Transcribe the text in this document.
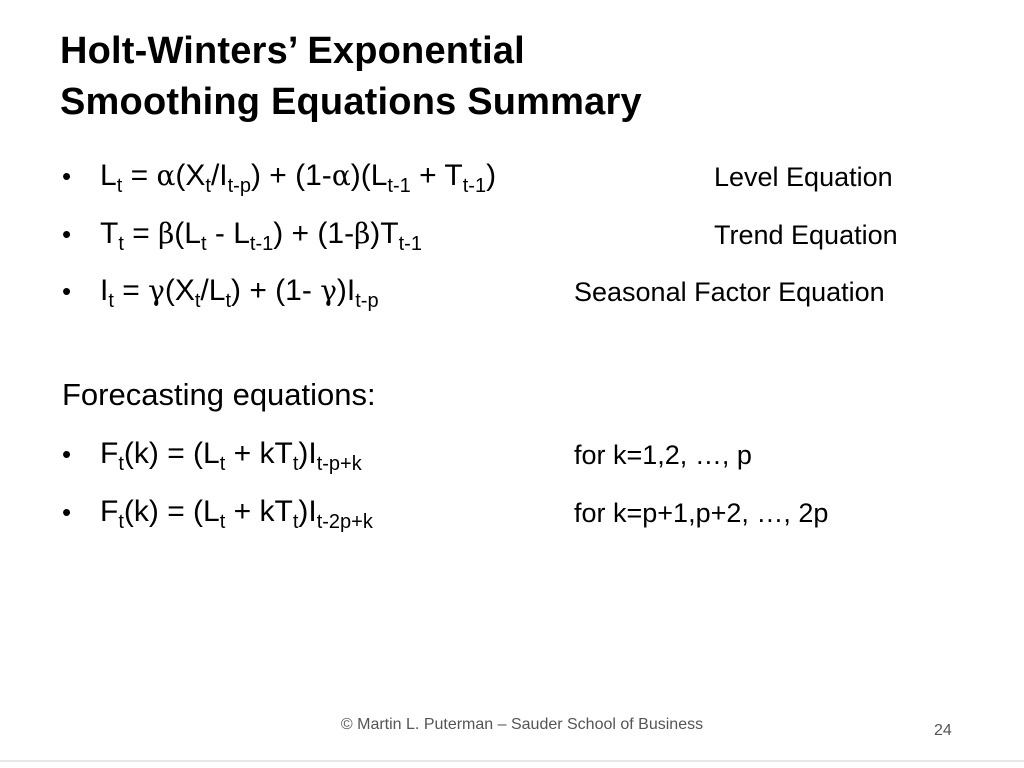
Holt-Winters’ Exponential
Smoothing Equations Summary
• $L_t = \alpha(X_t/I_{t-p}) + (1-\alpha)(L_{t-1} + T_{t-1})$	Level Equation
• $T_t = \beta(L_t - L_{t-1}) + (1-\beta)T_{t-1}$	Trend Equation
• $I_t = \gamma(X_t/L_t) + (1-$ $\gamma)I_{t-p}$	Seasonal Factor Equation
Forecasting equations:
• $F_t(k) = (L_t + kT_t)I_{t-p+k}$	for k=1,2, …, p
• $F_t(k) = (L_t + kT_t)I_{t-2p+k}$	for k=p+1,p+2, …, 2p
© Martin L. Puterman – Sauder School of Business	24
